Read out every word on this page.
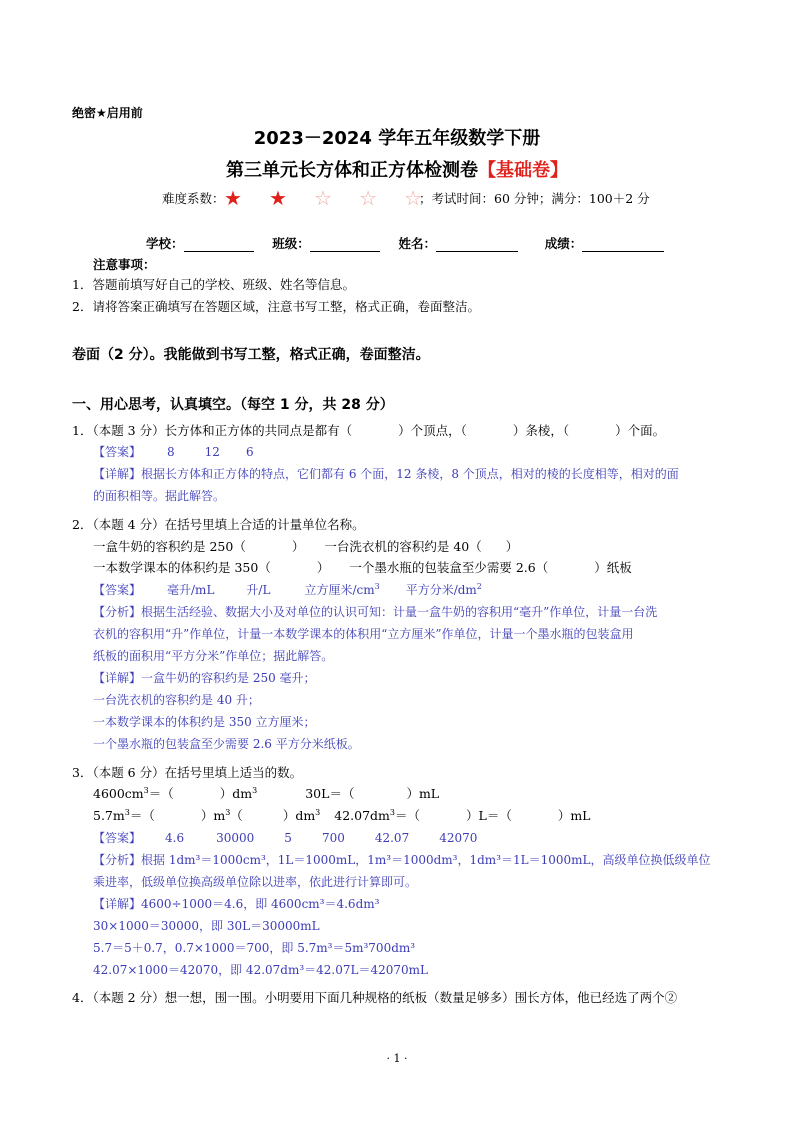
绝密★启用前
2023－2024 学年五年级数学下册
第三单元长方体和正方体检测卷【基础卷】
难度系数： ★ ★ ☆ ☆ ☆
；考试时间：60 分钟；满分：100＋2 分
学校：	班级：	姓名：	成绩：
注意事项：
1．答题前填写好自己的学校、班级、姓名等信息。
2．请将答案正确填写在答题区域，注意书写工整，格式正确，卷面整洁。
卷面（2 分）。我能做到书写工整，格式正确，卷面整洁。
一、用心思考，认真填空。（每空 1 分，共 28 分）
1．（本题 3 分）长方体和正方体的共同点是都有（	）个顶点，（	）条棱，（	）个面。
【答案】 8	12 6
【详解】根据长方体和正方体的特点，它们都有 6 个面，12 条棱，8 个顶点，相对的棱的长度相等，相对的面
的面积相等。据此解答。
2．（本题 4 分）在括号里填上合适的计量单位名称。
一盒牛奶的容积约是 250（	） 一台洗衣机的容积约是 40（ ）
一本数学课本的体积约是 350（	） 一个墨水瓶的包装盒至少需要 2.6（	）纸板
【答案】 毫升/mL	升/L	立方厘米$/cm^3$ 平方分米$/dm^2$
【分析】根据生活经验、数据大小及对单位的认识可知：计量一盒牛奶的容积用“毫升”作单位，计量一台洗
衣机的容积用“升”作单位，计量一本数学课本的体积用“立方厘米”作单位，计量一个墨水瓶的包装盒用
纸板的面积用“平方分米”作单位；据此解答。
【详解】一盒牛奶的容积约是 250 毫升；
一台洗衣机的容积约是 40 升；
一本数学课本的体积约是 350 立方厘米；
一个墨水瓶的包装盒至少需要 2.6 平方分米纸板。
3．（本题 6 分）在括号里填上适当的数。
$4600cm^3=$（	）$dm^3$	30L＝（	）mL
$5.7m^3=$（	）$m^3$（	）$dm^3$ $42.07dm^3=$（	）L＝（	）mL
【答案】 4.6	30000	5	700	42.07	42070
【分析】根据 1dm³＝1000cm³，1L＝1000mL，1m³＝1000dm³，1dm³＝1L＝1000mL，高级单位换低级单位
乘进率，低级单位换高级单位除以进率，依此进行计算即可。
【详解】4600÷1000＝4.6，即 4600cm³＝4.6dm³
30×1000＝30000，即 30L＝30000mL
5.7＝5＋0.7，0.7×1000＝700，即 5.7m³＝5m³700dm³
42.07×1000＝42070，即 42.07dm³＝42.07L＝42070mL
4．（本题 2 分）想一想，围一围。小明要用下面几种规格的纸板（数量足够多）围长方体，他已经选了两个②
· 1 ·
